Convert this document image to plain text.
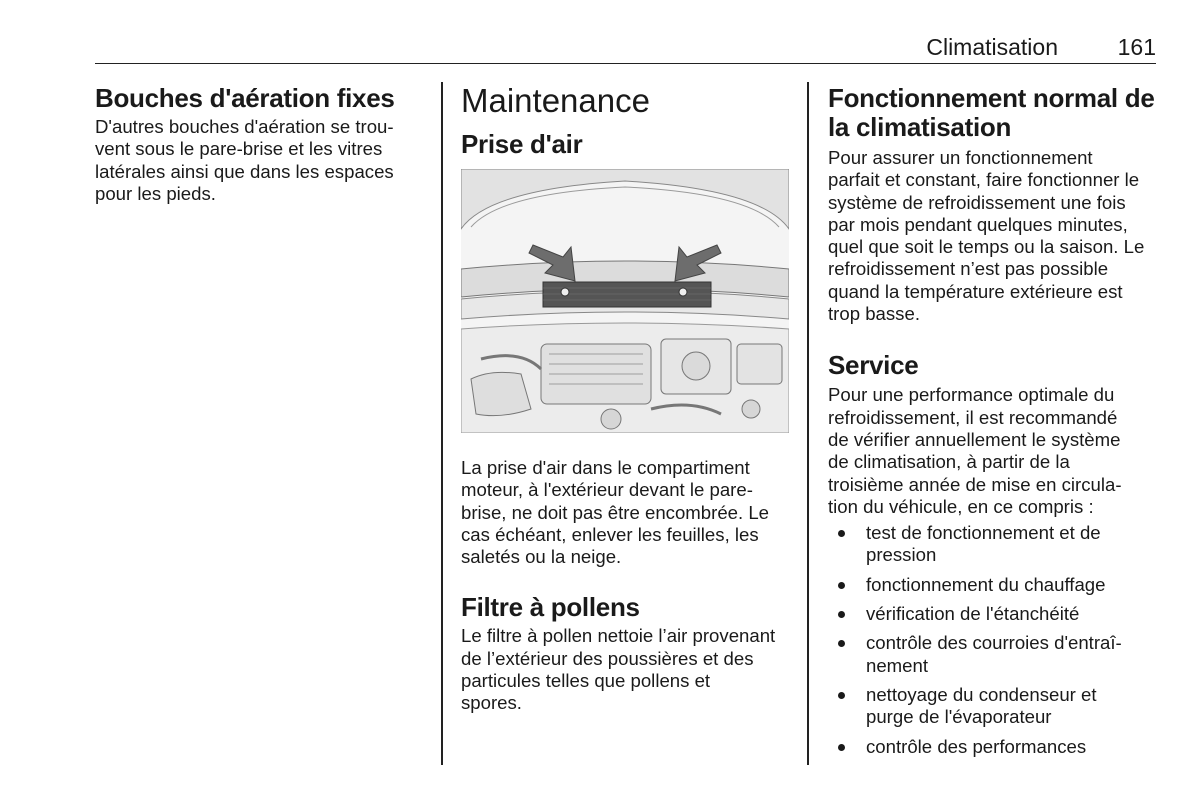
Climatisation	161
Bouches d'aération fixes

D'autres bouches d'aération se trou-
vent sous le pare-brise et les vitres
latérales ainsi que dans les espaces
pour les pieds.

Maintenance
Prise d'air

La prise d'air dans le compartiment
moteur, à l'extérieur devant le pare-
brise, ne doit pas être encombrée. Le
cas échéant, enlever les feuilles, les
saletés ou la neige.

Filtre à pollens

Le filtre à pollen nettoie l’air provenant
de l’extérieur des poussières et des
particules telles que pollens et
spores.

Fonctionnement normal de
la climatisation

Pour assurer un fonctionnement
parfait et constant, faire fonctionner le
système de refroidissement une fois
par mois pendant quelques minutes,
quel que soit le temps ou la saison. Le
refroidissement n’est pas possible
quand la température extérieure est
trop basse.

Service

Pour une performance optimale du
refroidissement, il est recommandé
de vérifier annuellement le système
de climatisation, à partir de la
troisième année de mise en circula-
tion du véhicule, en ce compris :

test de fonctionnement et de
pression
fonctionnement du chauffage
vérification de l'étanchéité
contrôle des courroies d'entraî-
nement
nettoyage du condenseur et
purge de l'évaporateur
contrôle des performances
